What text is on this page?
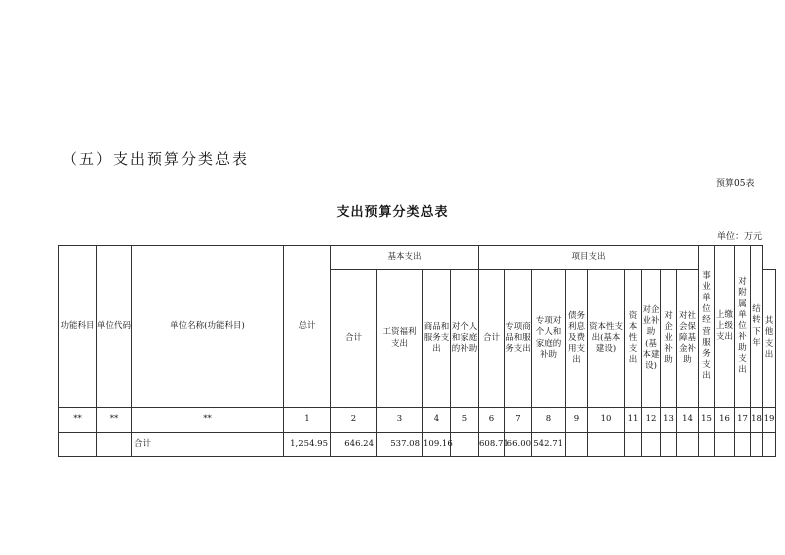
（五）支出预算分类总表
预算05表
支出预算分类总表
单位：万元
功能科目	单位代码	单位名称(功能科目)	总计	基本支出				项目支出									事业单位经营服务支出	上缴上级支出	对附属单位补助支出	结转下年	
				合计	工资福利支出	商品和服务支出	对个人和家庭的补助	合计	专项商品和服务支出	专项对个人和家庭的补助	债务利息及费用支出	资本性支出(基本建设)	资本性支出	对企业补助(基本建设)	对企业补助	对社会保障基金补助					其他支出
**	**	**	1	2	3	4	5	6	7	8	9	10	11	12	13	14	15	16	17	18	19
		合计	1,254.95	646.24	537.08	109.16		608.71	66.00	542.71											
